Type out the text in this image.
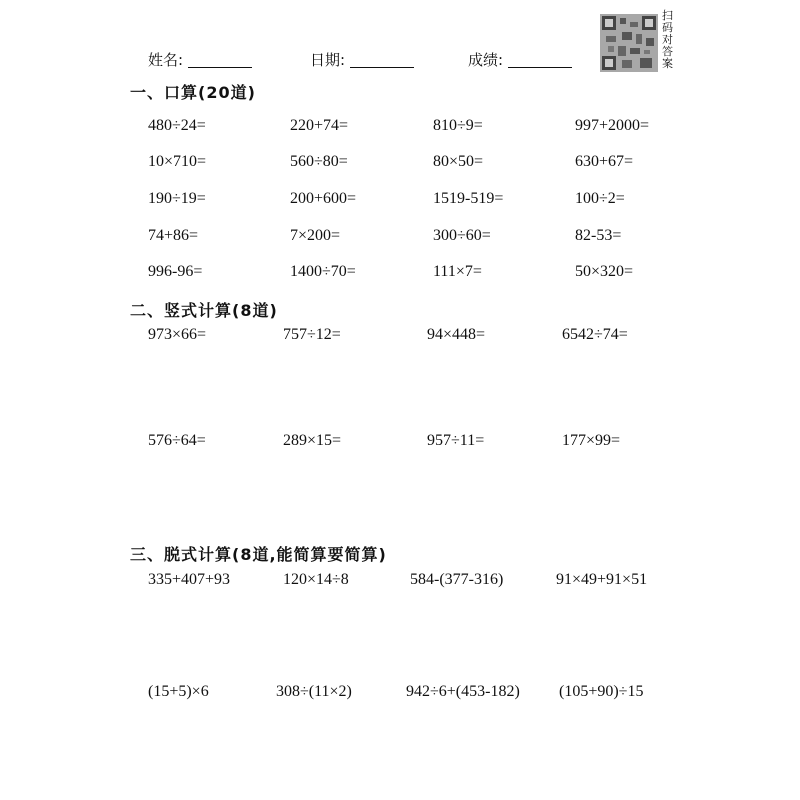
姓名:	日期:	成绩:
扫码对答案
一、口算(20道)
480÷24=	220+74=	810÷9=	997+2000=
10×710=	560÷80=	80×50=	630+67=
190÷19=	200+600=	1519-519=	100÷2=
74+86=	7×200=	300÷60=	82-53=
996-96=	1400÷70=	111×7=	50×320=
二、竖式计算(8道)
973×66=	757÷12=	94×448=	6542÷74=
576÷64=	289×15=	957÷11=	177×99=
三、脱式计算(8道,能简算要简算)
335+407+93	120×14÷8	584-(377-316)	91×49+91×51
(15+5)×6	308÷(11×2)	942÷6+(453-182) (105+90)÷15
